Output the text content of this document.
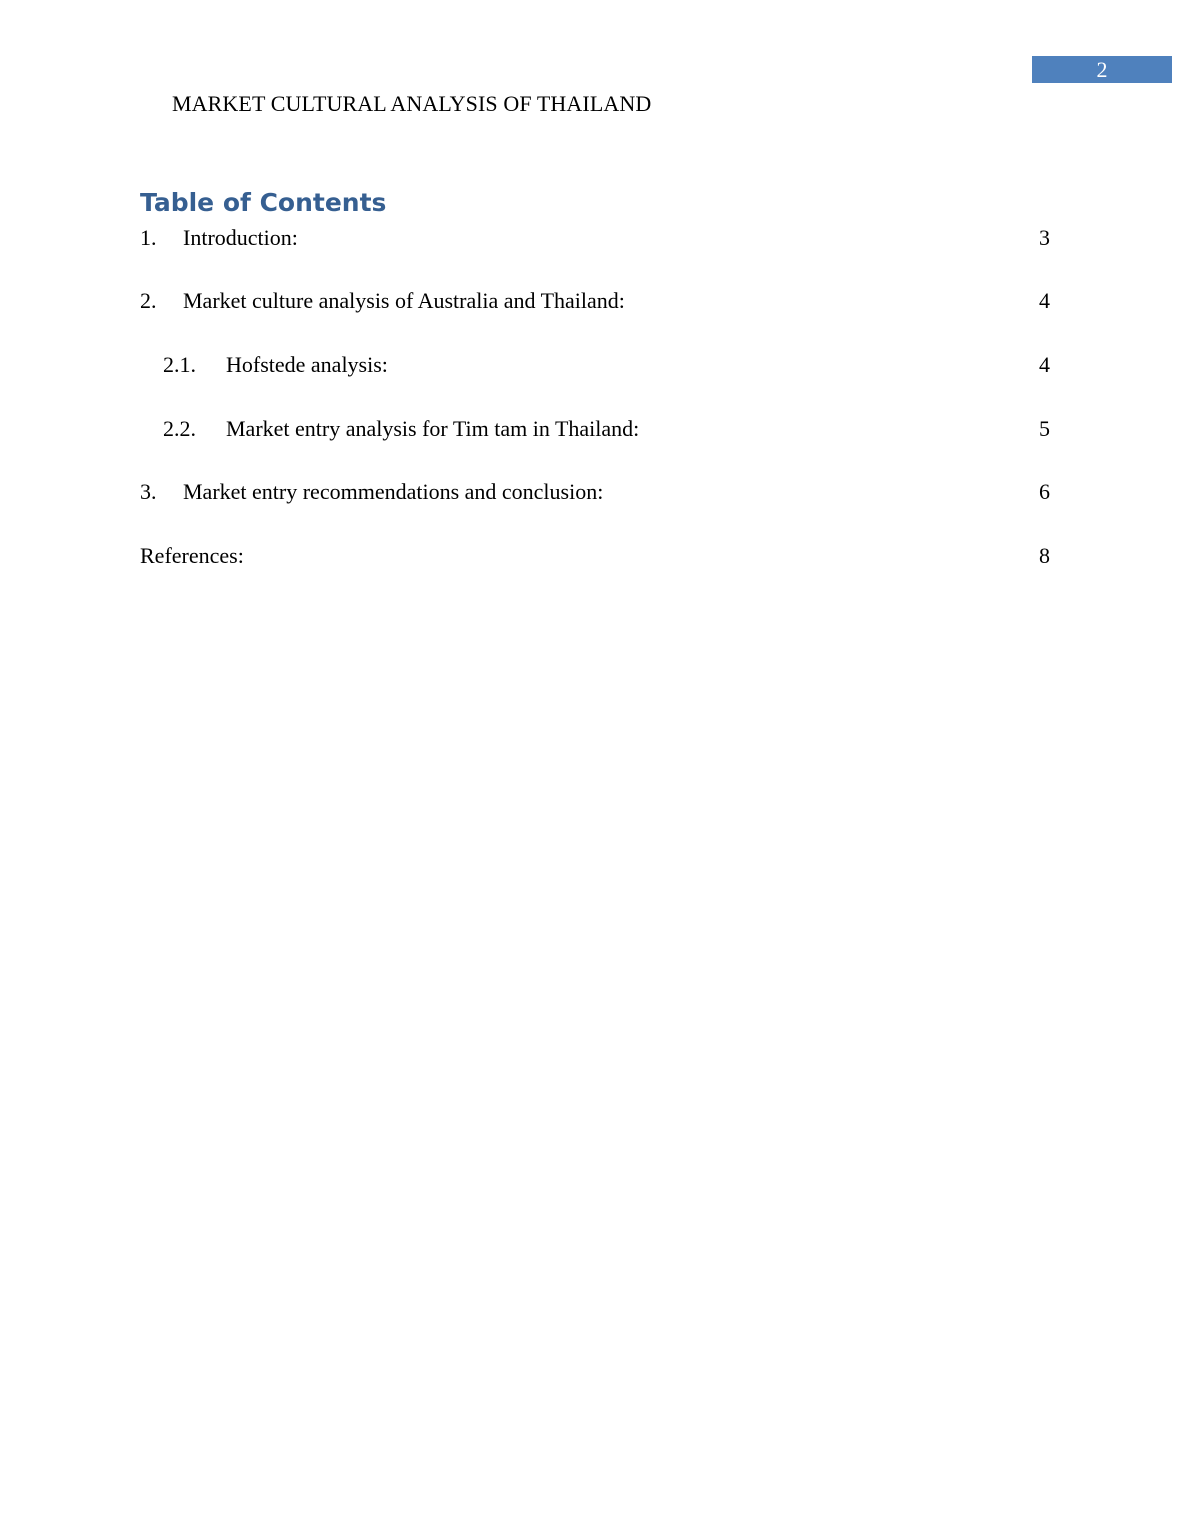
2
MARKET CULTURAL ANALYSIS OF THAILAND
Table of Contents
1. Introduction:	3
2. Market culture analysis of Australia and Thailand:	4
2.1. Hofstede analysis:	4
2.2. Market entry analysis for Tim tam in Thailand:	5
3. Market entry recommendations and conclusion:	6
References:	8
